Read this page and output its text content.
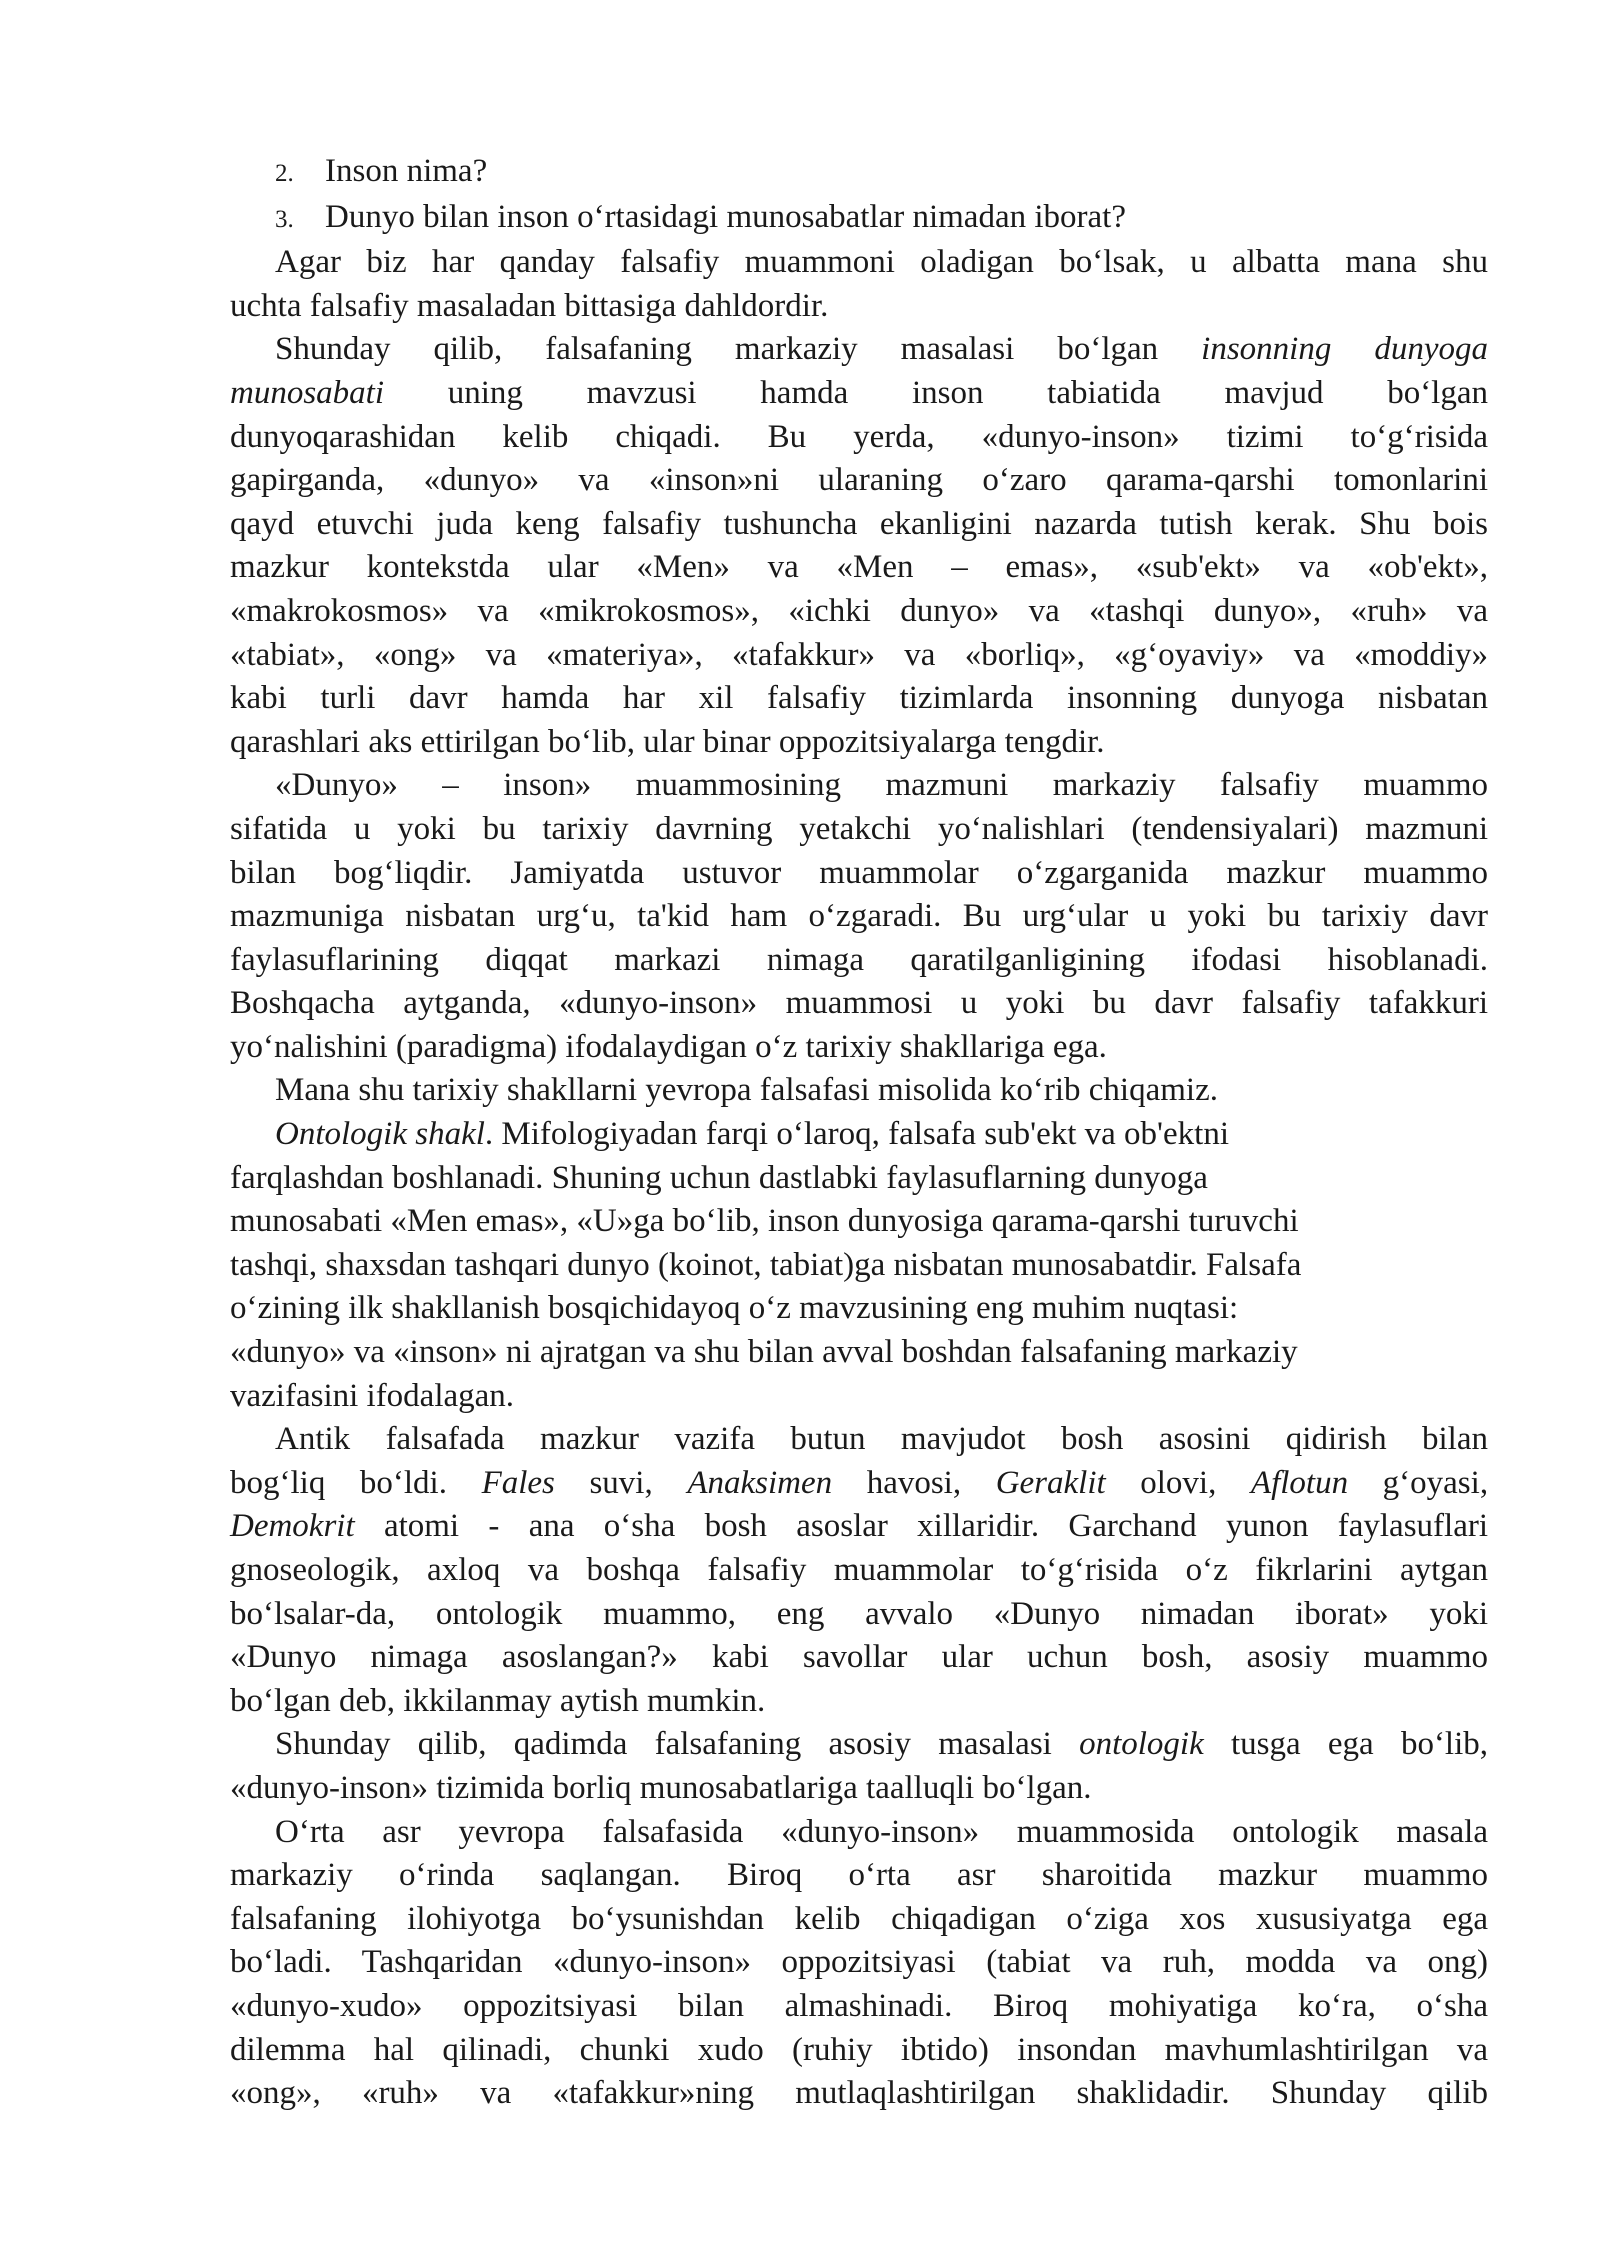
2. Inson nima?
3. Dunyo bilan inson o‘rtasidagi munosabatlar nimadan iborat?
Agar biz har qanday falsafiy muammoni oladigan bo‘lsak, u albatta mana shu
uchta falsafiy masaladan bittasiga dahldordir.
Shunday qilib, falsafaning markaziy masalasi bo‘lgan insonning dunyoga
munosabati uning mavzusi hamda inson tabiatida mavjud bo‘lgan
dunyoqarashidan kelib chiqadi. Bu yerda, «dunyo-inson» tizimi to‘g‘risida
gapirganda, «dunyo» va «inson»ni ularaning o‘zaro qarama-qarshi tomonlarini
qayd etuvchi juda keng falsafiy tushuncha ekanligini nazarda tutish kerak. Shu bois
mazkur kontekstda ular «Men» va «Men – emas», «sub'ekt» va «ob'ekt»,
«makrokosmos» va «mikrokosmos», «ichki dunyo» va «tashqi dunyo», «ruh» va
«tabiat», «ong» va «materiya», «tafakkur» va «borliq», «g‘oyaviy» va «moddiy»
kabi turli davr hamda har xil falsafiy tizimlarda insonning dunyoga nisbatan
qarashlari aks ettirilgan bo‘lib, ular binar oppozitsiyalarga tengdir.
«Dunyo» – inson» muammosining mazmuni markaziy falsafiy muammo
sifatida u yoki bu tarixiy davrning yetakchi yo‘nalishlari (tendensiyalari) mazmuni
bilan bog‘liqdir. Jamiyatda ustuvor muammolar o‘zgarganida mazkur muammo
mazmuniga nisbatan urg‘u, ta'kid ham o‘zgaradi. Bu urg‘ular u yoki bu tarixiy davr
faylasuflarining diqqat markazi nimaga qaratilganligining ifodasi hisoblanadi.
Boshqacha aytganda, «dunyo-inson» muammosi u yoki bu davr falsafiy tafakkuri
yo‘nalishini (paradigma) ifodalaydigan o‘z tarixiy shakllariga ega.
Mana shu tarixiy shakllarni yevropa falsafasi misolida ko‘rib chiqamiz.
Ontologik shakl. Mifologiyadan farqi o‘laroq, falsafa sub'ekt va ob'ektni
farqlashdan boshlanadi. Shuning uchun dastlabki faylasuflarning dunyoga
munosabati «Men emas», «U»ga bo‘lib, inson dunyosiga qarama-qarshi turuvchi
tashqi, shaxsdan tashqari dunyo (koinot, tabiat)ga nisbatan munosabatdir. Falsafa
o‘zining ilk shakllanish bosqichidayoq o‘z mavzusining eng muhim nuqtasi:
«dunyo» va «inson» ni ajratgan va shu bilan avval boshdan falsafaning markaziy
vazifasini ifodalagan.
Antik falsafada mazkur vazifa butun mavjudot bosh asosini qidirish bilan
bog‘liq bo‘ldi. Fales suvi, Anaksimen havosi, Geraklit olovi, Aflotun g‘oyasi,
Demokrit atomi - ana o‘sha bosh asoslar xillaridir. Garchand yunon faylasuflari
gnoseologik, axloq va boshqa falsafiy muammolar to‘g‘risida o‘z fikrlarini aytgan
bo‘lsalar-da, ontologik muammo, eng avvalo «Dunyo nimadan iborat» yoki
«Dunyo nimaga asoslangan?» kabi savollar ular uchun bosh, asosiy muammo
bo‘lgan deb, ikkilanmay aytish mumkin.
Shunday qilib, qadimda falsafaning asosiy masalasi ontologik tusga ega bo‘lib,
«dunyo-inson» tizimida borliq munosabatlariga taalluqli bo‘lgan.
O‘rta asr yevropa falsafasida «dunyo-inson» muammosida ontologik masala
markaziy o‘rinda saqlangan. Biroq o‘rta asr sharoitida mazkur muammo
falsafaning ilohiyotga bo‘ysunishdan kelib chiqadigan o‘ziga xos xususiyatga ega
bo‘ladi. Tashqaridan «dunyo-inson» oppozitsiyasi (tabiat va ruh, modda va ong)
«dunyo-xudo» oppozitsiyasi bilan almashinadi. Biroq mohiyatiga ko‘ra, o‘sha
dilemma hal qilinadi, chunki xudo (ruhiy ibtido) insondan mavhumlashtirilgan va
«ong», «ruh» va «tafakkur»ning mutlaqlashtirilgan shaklidadir. Shunday qilib
